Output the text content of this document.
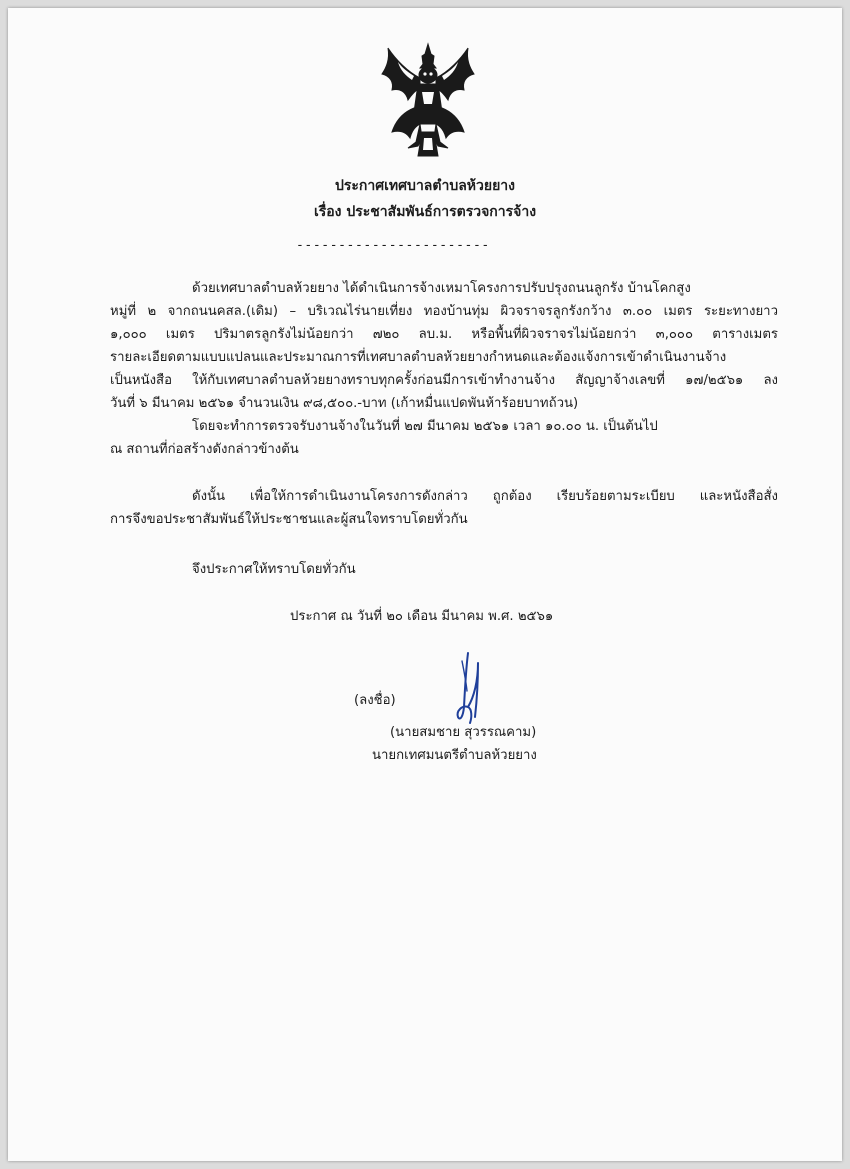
ประกาศเทศบาลตำบลห้วยยาง
เรื่อง ประชาสัมพันธ์การตรวจการจ้าง
-----------------------
ด้วยเทศบาลตำบลห้วยยาง ได้ดำเนินการจ้างเหมาโครงการปรับปรุงถนนลูกรัง บ้านโคกสูง
หมู่ที่ ๒ จากถนนคสล.(เดิม) – บริเวณไร่นายเที่ยง ทองบ้านทุ่ม ผิวจราจรลูกรังกว้าง ๓.๐๐ เมตร ระยะทางยาว
๑,๐๐๐ เมตร ปริมาตรลูกรังไม่น้อยกว่า ๗๒๐ ลบ.ม. หรือพื้นที่ผิวจราจรไม่น้อยกว่า ๓,๐๐๐ ตารางเมตร
รายละเอียดตามแบบแปลนและประมาณการที่เทศบาลตำบลห้วยยางกำหนดและต้องแจ้งการเข้าดำเนินงานจ้าง
เป็นหนังสือ ให้กับเทศบาลตำบลห้วยยางทราบทุกครั้งก่อนมีการเข้าทำงานจ้าง สัญญาจ้างเลขที่ ๑๗/๒๕๖๑ ลง
วันที่ ๖ มีนาคม ๒๕๖๑ จำนวนเงิน ๙๘,๕๐๐.-บาท (เก้าหมื่นแปดพันห้าร้อยบาทถ้วน)
โดยจะทำการตรวจรับงานจ้างในวันที่ ๒๗ มีนาคม ๒๕๖๑ เวลา ๑๐.๐๐ น. เป็นต้นไป
ณ สถานที่ก่อสร้างดังกล่าวข้างต้น
ดังนั้น เพื่อให้การดำเนินงานโครงการดังกล่าว ถูกต้อง เรียบร้อยตามระเบียบ และหนังสือสั่ง
การจึงขอประชาสัมพันธ์ให้ประชาชนและผู้สนใจทราบโดยทั่วกัน
จึงประกาศให้ทราบโดยทั่วกัน
ประกาศ ณ วันที่ ๒๐ เดือน มีนาคม พ.ศ. ๒๕๖๑
(ลงชื่อ)
(นายสมชาย สุวรรณคาม)
นายกเทศมนตรีตำบลห้วยยาง
